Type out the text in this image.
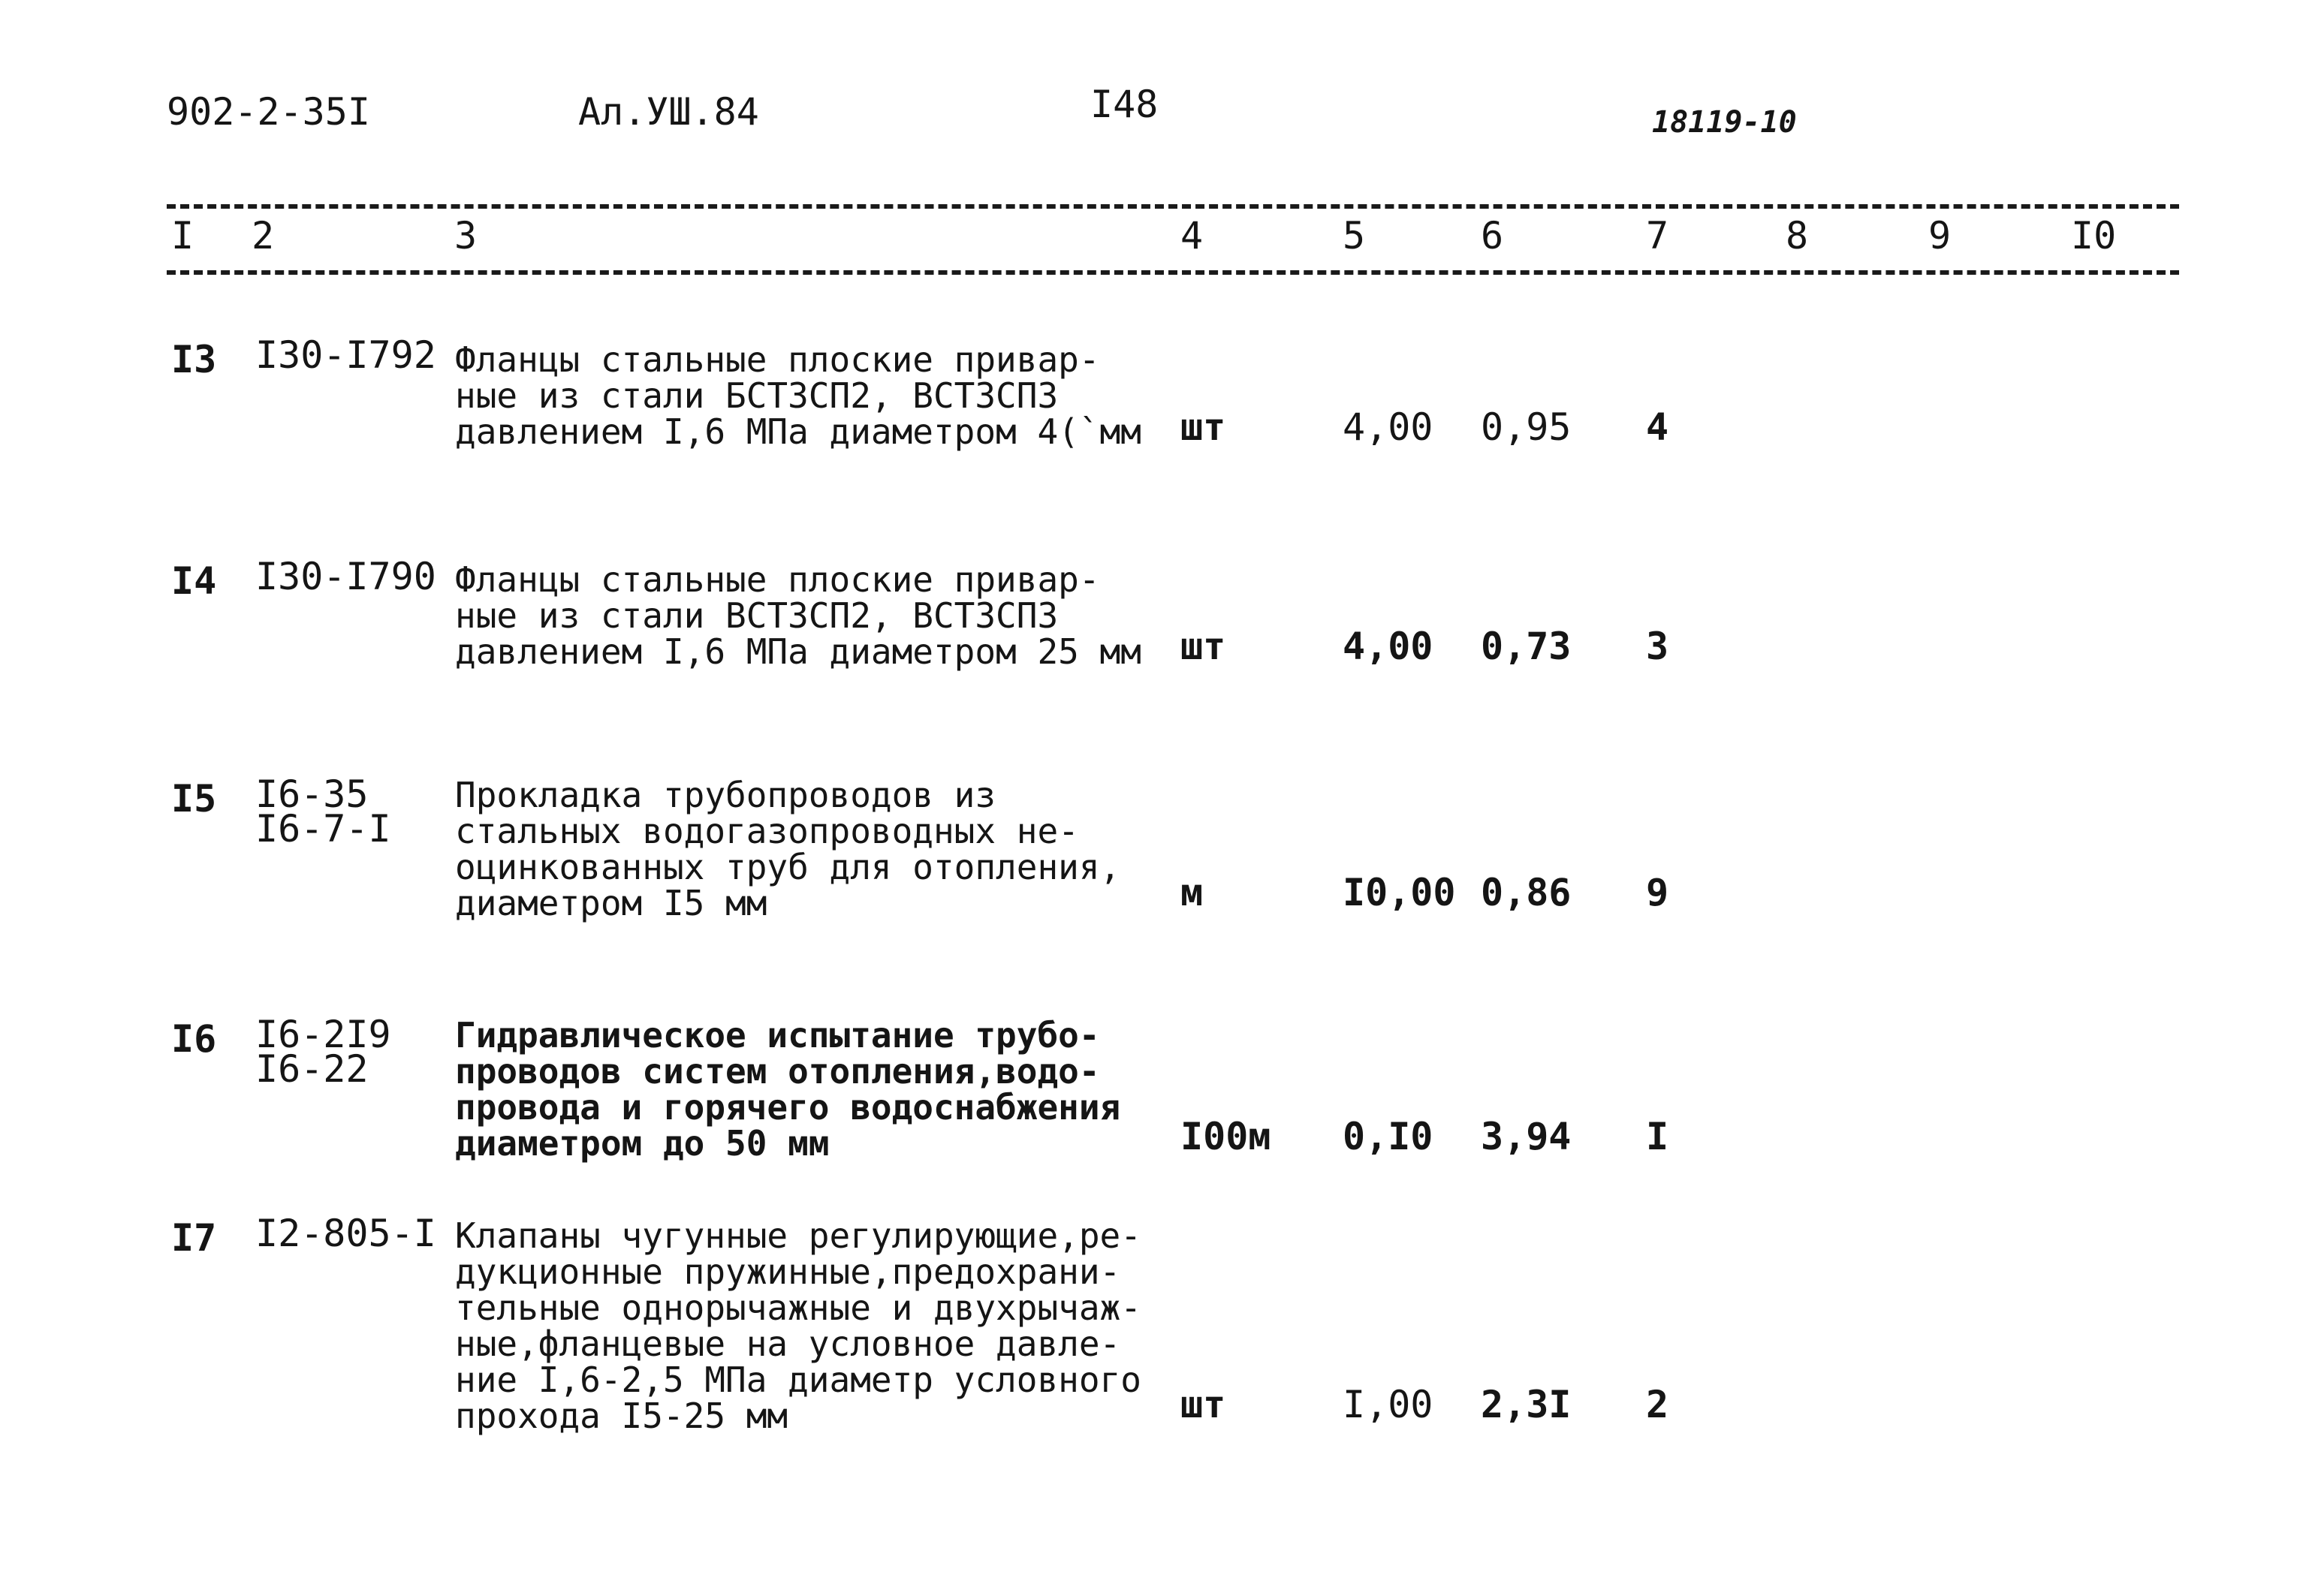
902-2-35I	Ал.УШ.84	I48	18119-10
I 2	3	4	5	6	7	8	9	I0
I3 I30-I792 Фланцы стальные плоские привар-
ные из стали БСТ3СП2, ВСТ3СП3
давлением I,6 МПа диаметром 4(`мм шт	4,00 0,95 4
I4 I30-I790 Фланцы стальные плоские привар-
ные из стали ВСТ3СП2, ВСТ3СП3
давлением I,6 МПа диаметром 25 мм шт	4,00 0,73 3
I5 I6-35
I6-7-I
Прокладка трубопроводов из
стальных водогазопроводных не-
оцинкованных труб для отопления,
диаметром I5 мм	м	I0,00 0,86 9
I6 I6-2I9
I6-22
Гидравлическое испытание трубо-
проводов систем отопления,водо-
провода и горячего водоснабжения
диаметром до 50 мм	I00м 0,I0 3,94 I
I7 I2-805-I Клапаны чугунные регулирующие,ре-
дукционные пружинные,предохрани-
тельные однорычажные и двухрычаж-
ные,фланцевые на условное давле-
ние I,6-2,5 МПа диаметр условного
прохода I5-25 мм	шт	I,00 2,3I 2
